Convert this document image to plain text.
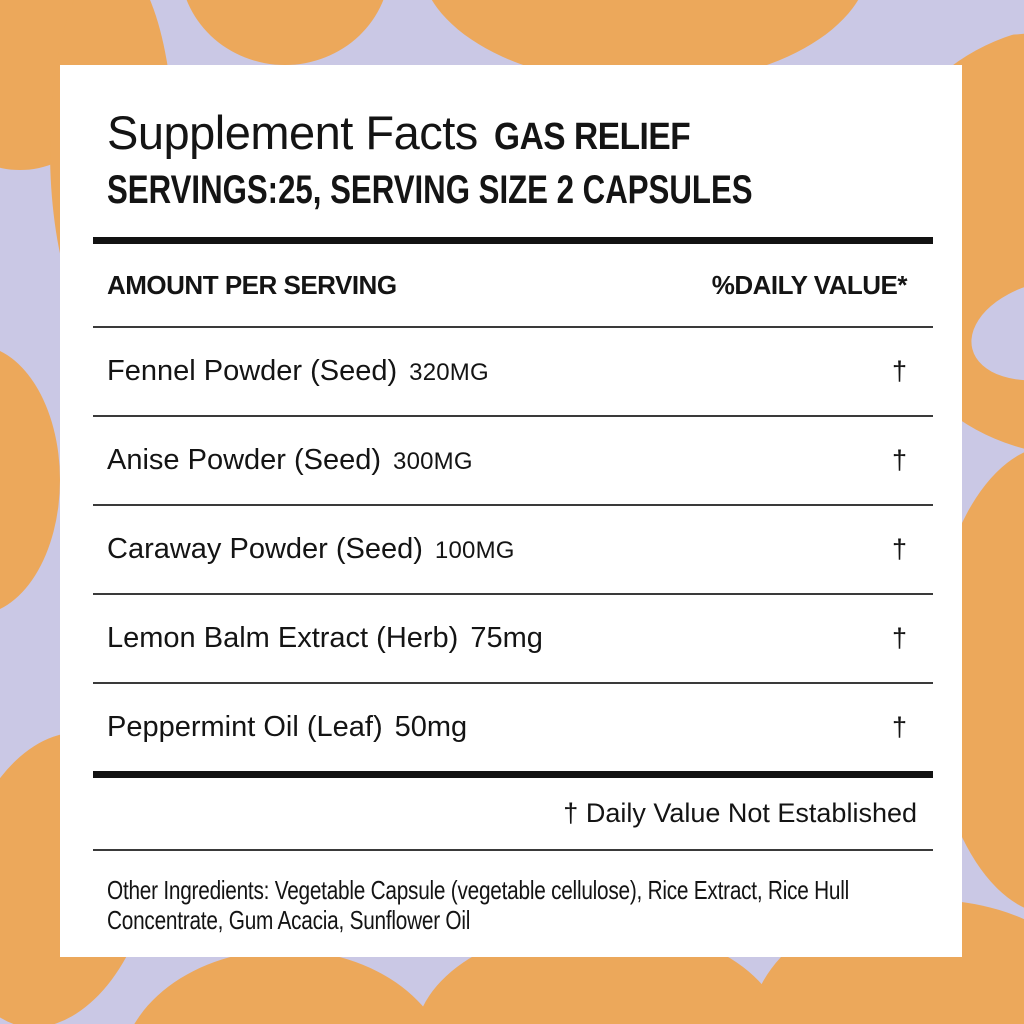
Supplement Facts GAS RELIEF
SERVINGS:25, SERVING SIZE 2 CAPSULES
AMOUNT PER SERVING	%DAILY VALUE*
Fennel Powder (Seed) 320MG	†
Anise Powder (Seed) 300MG	†
Caraway Powder (Seed) 100MG	†
Lemon Balm Extract (Herb) 75mg	†
Peppermint Oil (Leaf) 50mg	†
† Daily Value Not Established

Other Ingredients: Vegetable Capsule (vegetable cellulose), Rice Extract, Rice Hull Concentrate, Gum Acacia, Sunflower Oil
